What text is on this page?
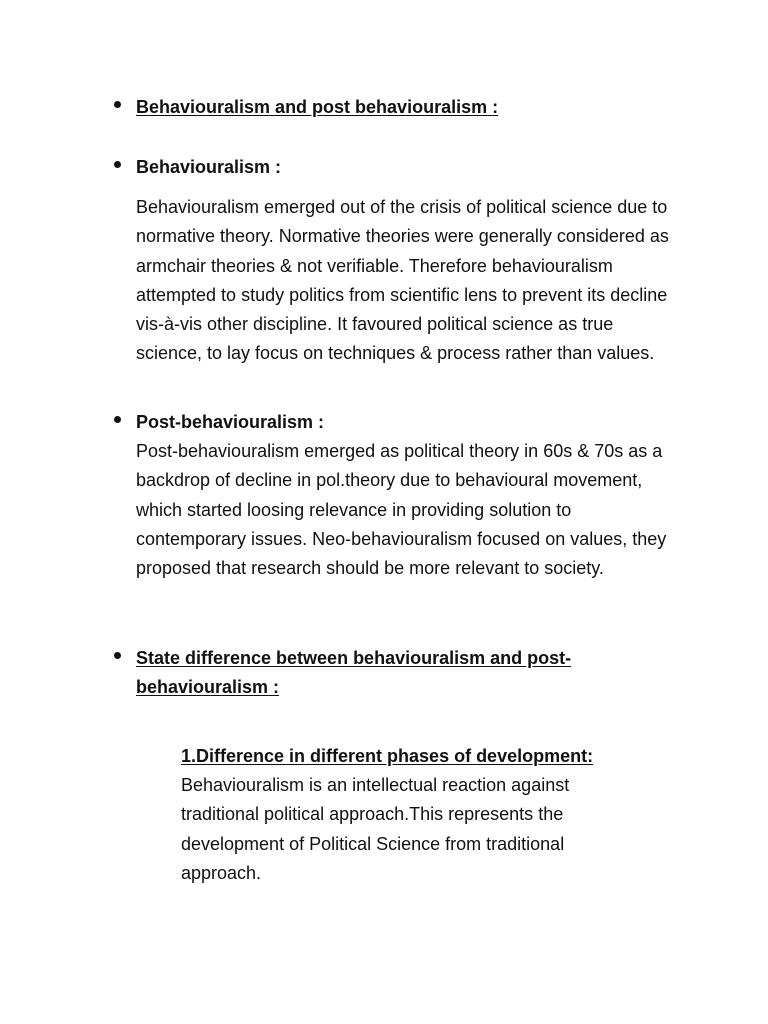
Behaviouralism and post behaviouralism :

Behaviouralism :

Behaviouralism emerged out of the crisis of political science due to normative theory. Normative theories were generally considered as armchair theories & not verifiable. Therefore behaviouralism attempted to study politics from scientific lens to prevent its decline vis-à-vis other discipline. It favoured political science as true science, to lay focus on techniques & process rather than values.

Post-behaviouralism :

Post-behaviouralism emerged as political theory in 60s & 70s as a backdrop of decline in pol.theory due to behavioural movement, which started loosing relevance in providing solution to contemporary issues. Neo-behaviouralism focused on values, they proposed that research should be more relevant to society.

State difference between behaviouralism and post-behaviouralism :

1.Difference in different phases of development:

Behaviouralism is an intellectual reaction against traditional political approach.This represents the development of Political Science from traditional approach.
